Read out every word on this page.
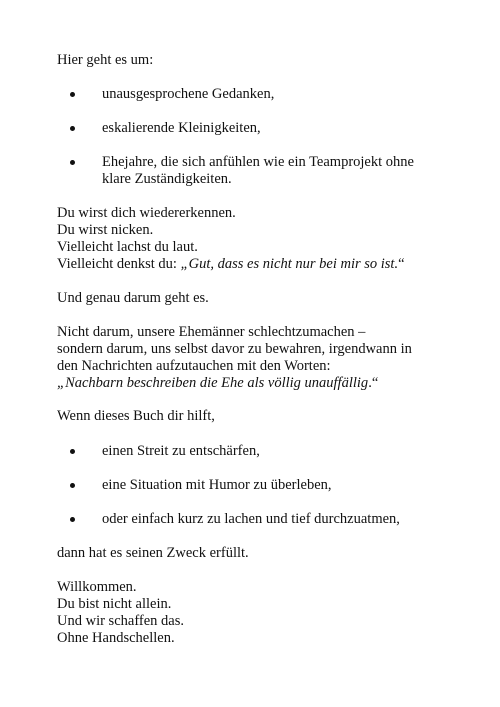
Hier geht es um:
unausgesprochene Gedanken,
eskalierende Kleinigkeiten,
Ehejahre, die sich anfühlen wie ein Teamprojekt ohne
klare Zuständigkeiten.
Du wirst dich wiedererkennen.
Du wirst nicken.
Vielleicht lachst du laut.
Vielleicht denkst du: „Gut, dass es nicht nur bei mir so ist.“
Und genau darum geht es.
Nicht darum, unsere Ehemänner schlechtzumachen –
sondern darum, uns selbst davor zu bewahren, irgendwann in
den Nachrichten aufzutauchen mit den Worten:
„Nachbarn beschreiben die Ehe als völlig unauffällig.“
Wenn dieses Buch dir hilft,
einen Streit zu entschärfen,
eine Situation mit Humor zu überleben,
oder einfach kurz zu lachen und tief durchzuatmen,
dann hat es seinen Zweck erfüllt.
Willkommen.
Du bist nicht allein.
Und wir schaffen das.
Ohne Handschellen.
